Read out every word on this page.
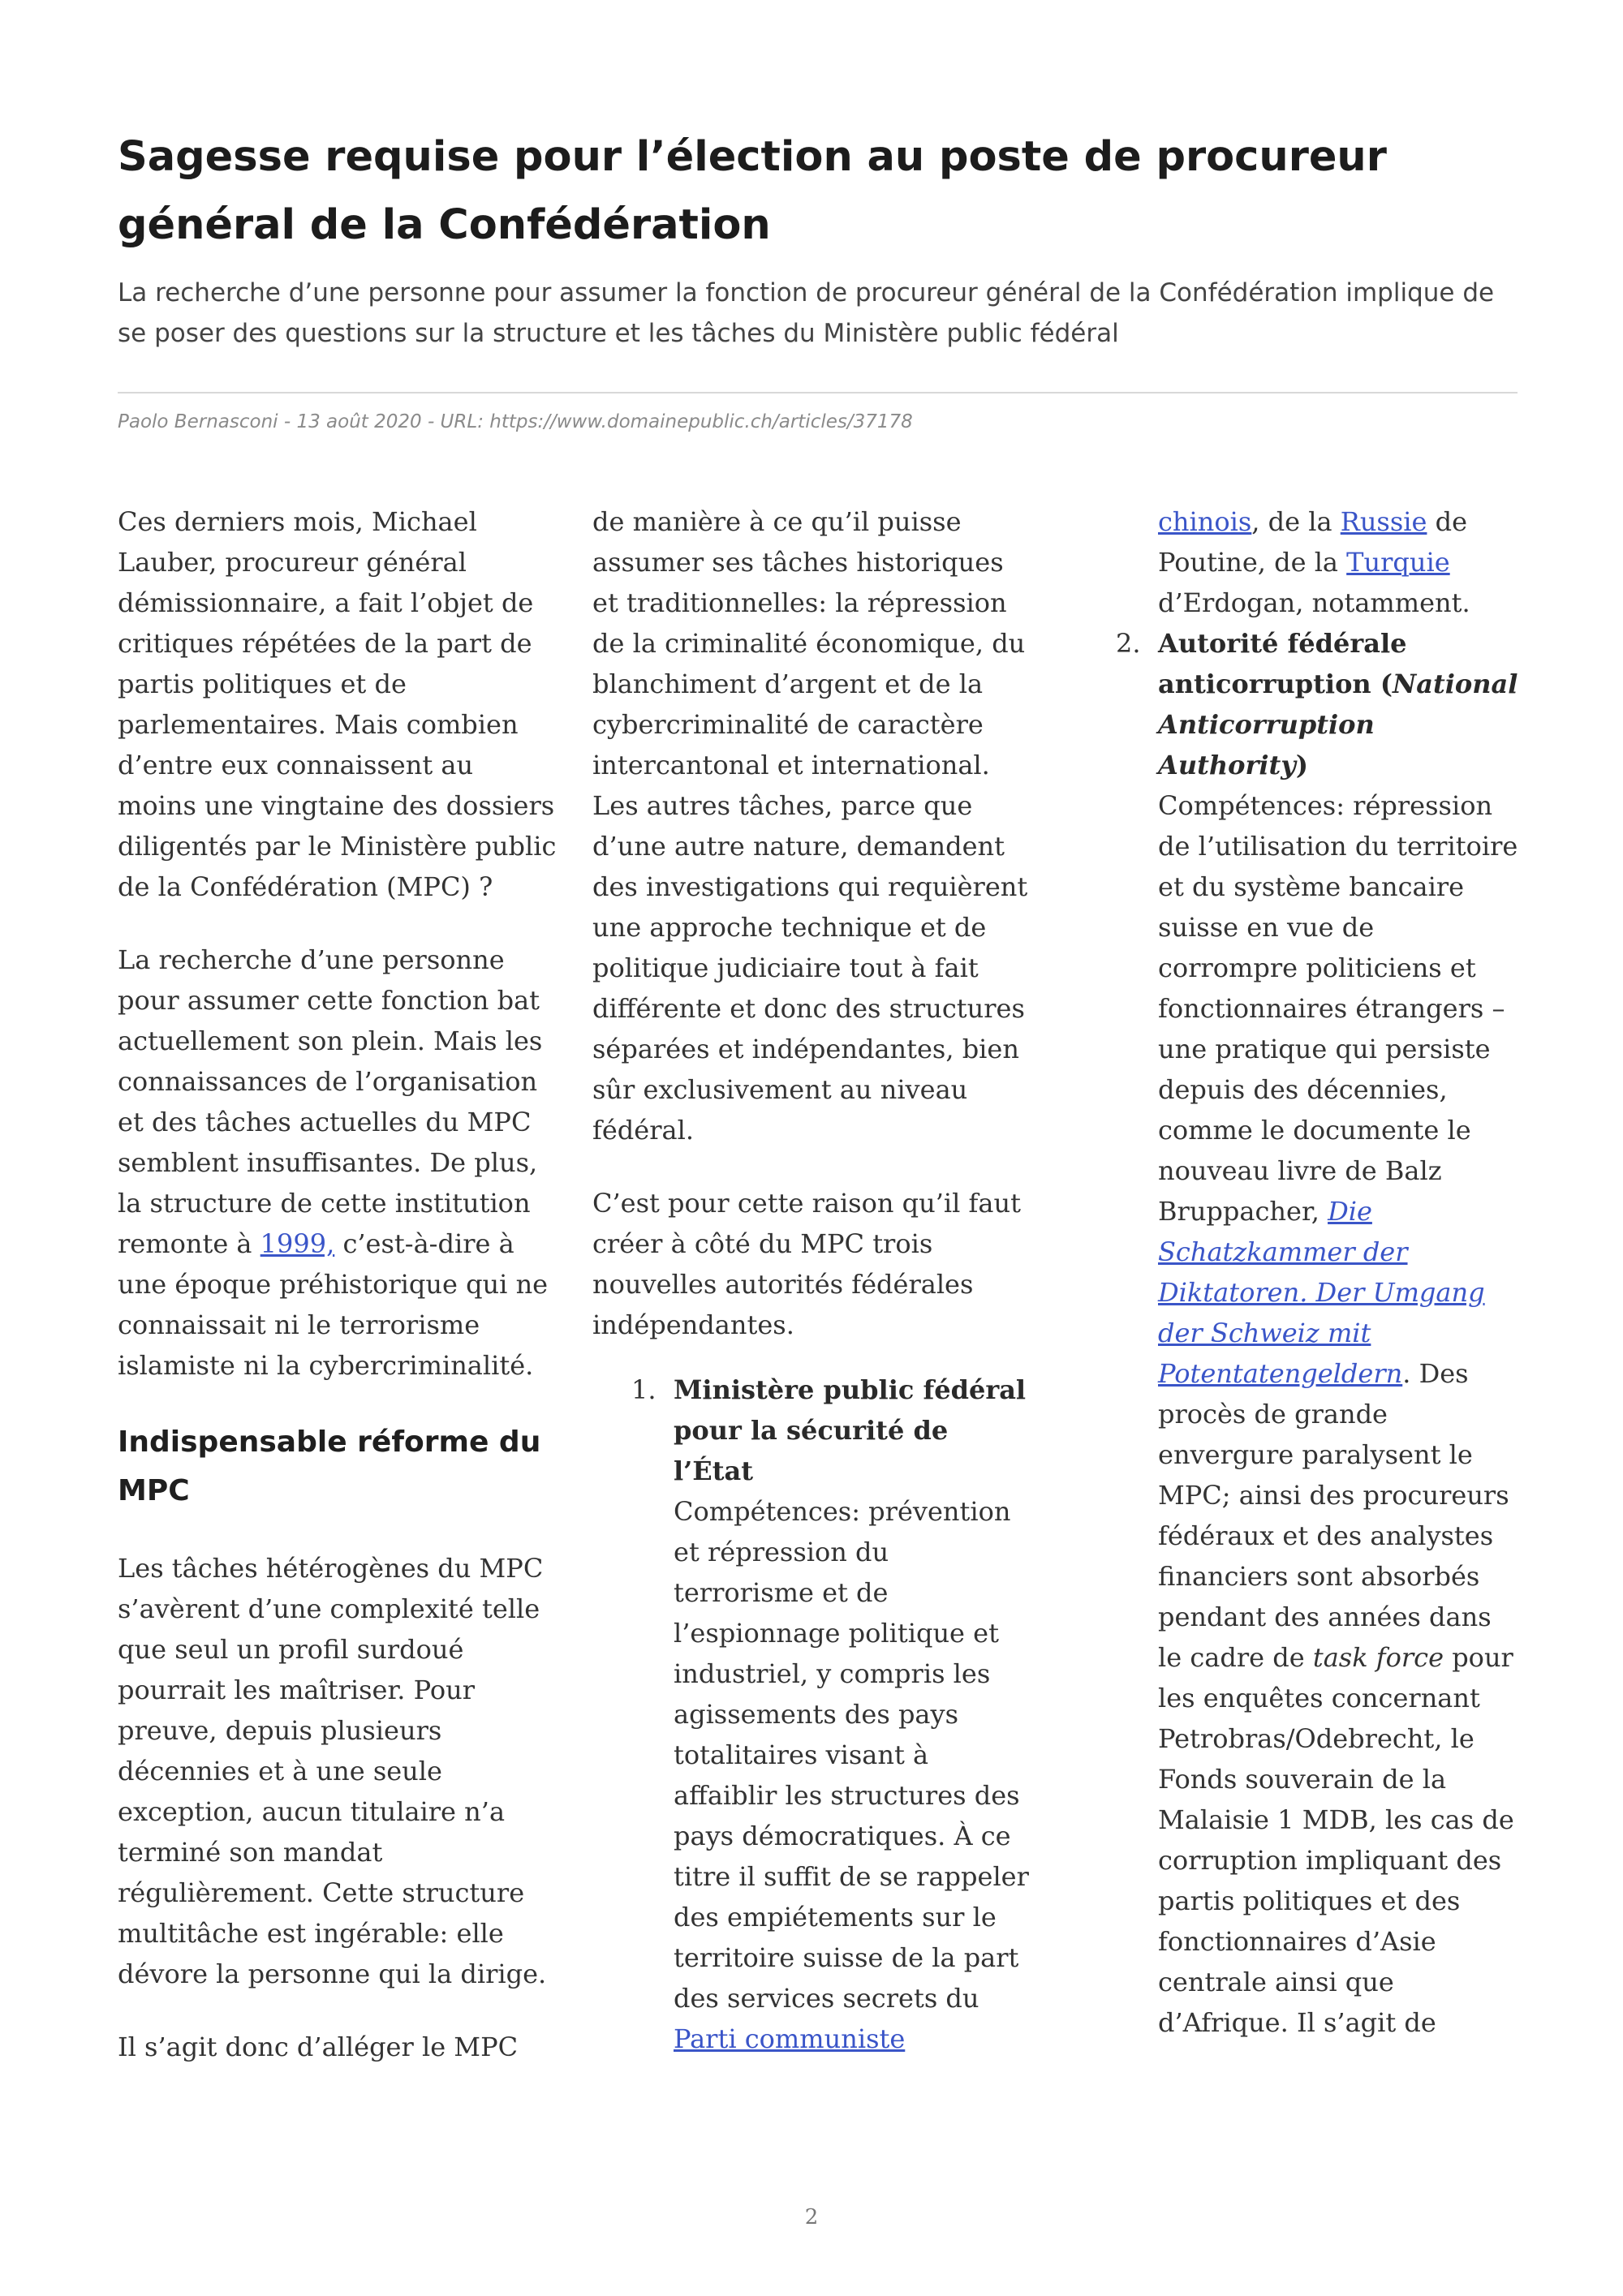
Sagesse requise pour l’élection au poste de procureur général de la Confédération

La recherche d’une personne pour assumer la fonction de procureur général de la Confédération implique de se poser des questions sur la structure et les tâches du Ministère public fédéral

Paolo Bernasconi - 13 août 2020 - URL: https://www.domainepublic.ch/articles/37178

Ces derniers mois, Michael Lauber, procureur général démissionnaire, a fait l’objet de critiques répétées de la part de partis politiques et de parlementaires. Mais combien d’entre eux connaissent au moins une vingtaine des dossiers diligentés par le Ministère public de la Confédération (MPC) ?

La recherche d’une personne pour assumer cette fonction bat actuellement son plein. Mais les connaissances de l’organisation et des tâches actuelles du MPC semblent insuffisantes. De plus, la structure de cette institution remonte à 1999, c’est-à-dire à une époque préhistorique qui ne connaissait ni le terrorisme islamiste ni la cybercriminalité.

Indispensable réforme du MPC

Les tâches hétérogènes du MPC s’avèrent d’une complexité telle que seul un profil surdoué pourrait les maîtriser. Pour preuve, depuis plusieurs décennies et à une seule exception, aucun titulaire n’a terminé son mandat régulièrement. Cette structure multitâche est ingérable: elle dévore la personne qui la dirige.

Il s’agit donc d’alléger le MPC

de manière à ce qu’il puisse assumer ses tâches historiques et traditionnelles: la répression de la criminalité économique, du blanchiment d’argent et de la cybercriminalité de caractère intercantonal et international. Les autres tâches, parce que d’une autre nature, demandent des investigations qui requièrent une approche technique et de politique judiciaire tout à fait différente et donc des structures séparées et indépendantes, bien sûr exclusivement au niveau fédéral.

C’est pour cette raison qu’il faut créer à côté du MPC trois nouvelles autorités fédérales indépendantes.

1. Ministère public fédéral pour la sécurité de l’État
Compétences: prévention et répression du terrorisme et de l’espionnage politique et industriel, y compris les agissements des pays totalitaires visant à affaiblir les structures des pays démocratiques. À ce titre il suffit de se rappeler des empiétements sur le territoire suisse de la part des services secrets du Parti communiste
chinois, de la Russie de Poutine, de la Turquie d’Erdogan, notamment.
2. Autorité fédérale anticorruption (National Anticorruption Authority)
Compétences: répression de l’utilisation du territoire et du système bancaire suisse en vue de corrompre politiciens et fonctionnaires étrangers – une pratique qui persiste depuis des décennies, comme le documente le nouveau livre de Balz Bruppacher, Die Schatzkammer der Diktatoren. Der Umgang der Schweiz mit Potentatengeldern. Des procès de grande envergure paralysent le MPC; ainsi des procureurs fédéraux et des analystes financiers sont absorbés pendant des années dans le cadre de task force pour les enquêtes concernant Petrobras/Odebrecht, le Fonds souverain de la Malaisie 1 MDB, les cas de corruption impliquant des partis politiques et des fonctionnaires d’Asie centrale ainsi que d’Afrique. Il s’agit de
2
